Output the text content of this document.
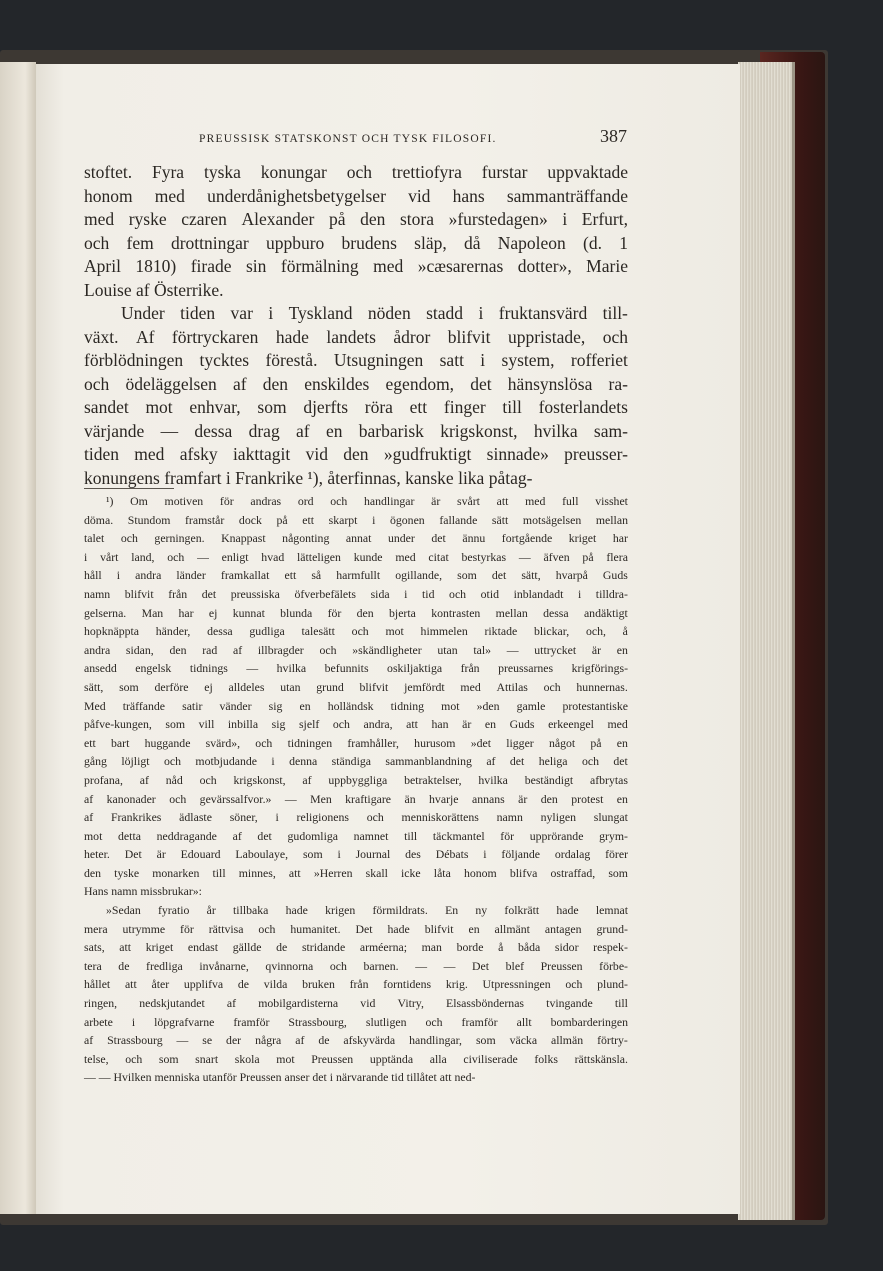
PREUSSISK STATSKONST OCH TYSK FILOSOFI.	387
stoftet. Fyra tyska konungar och trettiofyra furstar uppvaktade
honom med underdånighetsbetygelser vid hans sammanträffande
med ryske czaren Alexander på den stora »furstedagen» i Erfurt,
och fem drottningar uppburo brudens släp, då Napoleon (d. 1
April 1810) firade sin förmälning med »cæsarernas dotter», Marie
Louise af Österrike.
Under tiden var i Tyskland nöden stadd i fruktansvärd till-
växt. Af förtryckaren hade landets ådror blifvit uppristade, och
förblödningen tycktes förestå. Utsugningen satt i system, rofferiet
och ödeläggelsen af den enskildes egendom, det hänsynslösa ra-
sandet mot enhvar, som djerfts röra ett finger till fosterlandets
värjande — dessa drag af en barbarisk krigskonst, hvilka sam-
tiden med afsky iakttagit vid den »gudfruktigt sinnade» preusser-
konungens framfart i Frankrike ¹), återfinnas, kanske lika påtag-
¹) Om motiven för andras ord och handlingar är svårt att med full visshet
döma. Stundom framstår dock på ett skarpt i ögonen fallande sätt motsägelsen mellan
talet och gerningen. Knappast någonting annat under det ännu fortgående kriget har
i vårt land, och — enligt hvad lätteligen kunde med citat bestyrkas — äfven på flera
håll i andra länder framkallat ett så harmfullt ogillande, som det sätt, hvarpå Guds
namn blifvit från det preussiska öfverbefälets sida i tid och otid inblandadt i tilldra-
gelserna. Man har ej kunnat blunda för den bjerta kontrasten mellan dessa andäktigt
hopknäppta händer, dessa gudliga talesätt och mot himmelen riktade blickar, och, å
andra sidan, den rad af illbragder och »skändligheter utan tal» — uttrycket är en
ansedd engelsk tidnings — hvilka befunnits oskiljaktiga från preussarnes krigförings-
sätt, som derföre ej alldeles utan grund blifvit jemfördt med Attilas och hunnernas.
Med träffande satir vänder sig en holländsk tidning mot »den gamle protestantiske
påfve-kungen, som vill inbilla sig sjelf och andra, att han är en Guds erkeengel med
ett bart huggande svärd», och tidningen framhåller, hurusom »det ligger något på en
gång löjligt och motbjudande i denna ständiga sammanblandning af det heliga och det
profana, af nåd och krigskonst, af uppbyggliga betraktelser, hvilka beständigt afbrytas
af kanonader och gevärssalfvor.» — Men kraftigare än hvarje annans är den protest en
af Frankrikes ädlaste söner, i religionens och menniskorättens namn nyligen slungat
mot detta neddragande af det gudomliga namnet till täckmantel för upprörande grym-
heter. Det är Edouard Laboulaye, som i Journal des Débats i följande ordalag förer
den tyske monarken till minnes, att »Herren skall icke låta honom blifva ostraffad, som
Hans namn missbrukar»:
»Sedan fyratio år tillbaka hade krigen förmildrats. En ny folkrätt hade lemnat
mera utrymme för rättvisa och humanitet. Det hade blifvit en allmänt antagen grund-
sats, att kriget endast gällde de stridande arméerna; man borde å båda sidor respek-
tera de fredliga invånarne, qvinnorna och barnen. — — Det blef Preussen förbe-
hållet att åter upplifva de vilda bruken från forntidens krig. Utpressningen och plund-
ringen, nedskjutandet af mobilgardisterna vid Vitry, Elsassböndernas tvingande till
arbete i löpgrafvarne framför Strassbourg, slutligen och framför allt bombarderingen
af Strassbourg — se der några af de afskyvärda handlingar, som väcka allmän förtry-
telse, och som snart skola mot Preussen upptända alla civiliserade folks rättskänsla.
— — Hvilken menniska utanför Preussen anser det i närvarande tid tillåtet att ned-
